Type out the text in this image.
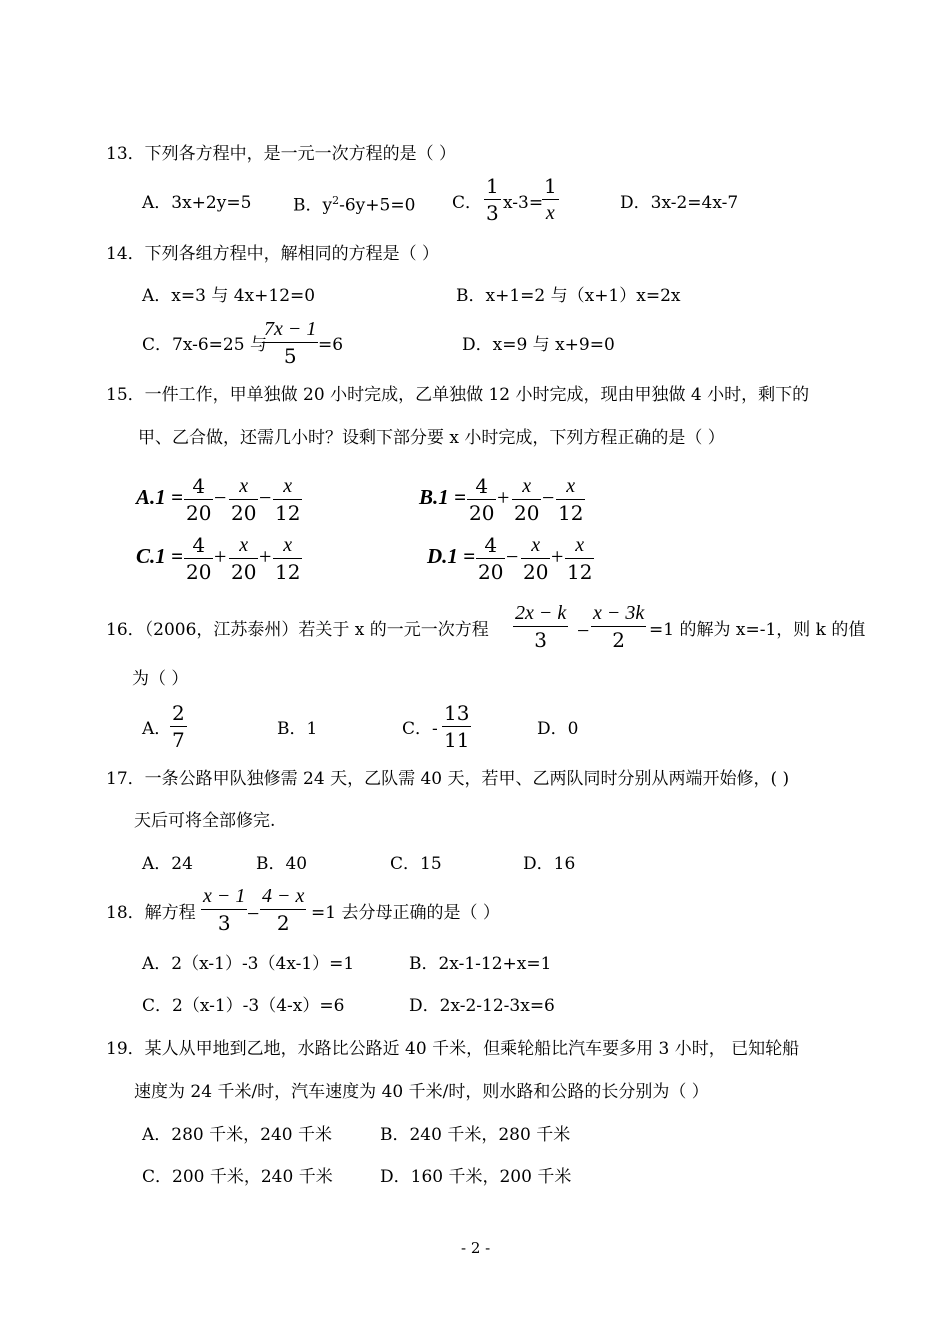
13．下列各方程中，是一元一次方程的是（ ）
A．3x+2y=5 B．$y^2-6y+5=0$ C． $\frac{1}{3} x-3=$
$\frac{1}{x}$	D．3x-2=4x-7
14．下列各组方程中，解相同的方程是（ ）
A．x=3 与 4x+12=0	B．x+1=2 与（x+1）x=2x
C．7x-6=25 与
$\frac{7x - 1}{5} =6$	D．x=9 与 x+9=0
15．一件工作，甲单独做 20 小时完成，乙单独做 12 小时完成，现由甲独做 4 小时，剩下的
甲、乙合做，还需几小时？设剩下部分要 x 小时完成，下列方程正确的是（ ）
$A.1 = \frac{4}{20} - \frac{x}{20} - \frac{x}{12}$	$B.1 = \frac{4}{20} + \frac{x}{20} - \frac{x}{12}$
$C.1 = \frac{4}{20} + \frac{x}{20} + \frac{x}{12}$	$D.1 = \frac{4}{20} - \frac{x}{20} + \frac{x}{12}$
16．（2006，江苏泰州）若关于 x 的一元一次方程 $\frac{2x - k}{3} - \frac{x - 3k}{2} =1$ 的解为 x=-1，则 k 的值
为（ ）
A．
$\frac{2}{7}$	B．1	C．- $\frac{13}{11}$	D．0
17．一条公路甲队独修需 24 天，乙队需 40 天，若甲、乙两队同时分别从两端开始修，( )
天后可将全部修完.
A．24	B．40	C．15	D．16
18．解方程 $\frac{x - 1}{3} - \frac{4 - x}{2} =1$ 去分母正确的是（ ）
A．2（x-1）-3（4x-1）=1	B．2x-1-12+x=1
C．2（x-1）-3（4-x）=6	D．2x-2-12-3x=6
19．某人从甲地到乙地，水路比公路近 40 千米，但乘轮船比汽车要多用 3 小时， 已知轮船
速度为 24 千米/时，汽车速度为 40 千米/时，则水路和公路的长分别为（ ）
A．280 千米，240 千米	B．240 千米，280 千米
C．200 千米，240 千米	D．160 千米，200 千米
- 2 -
